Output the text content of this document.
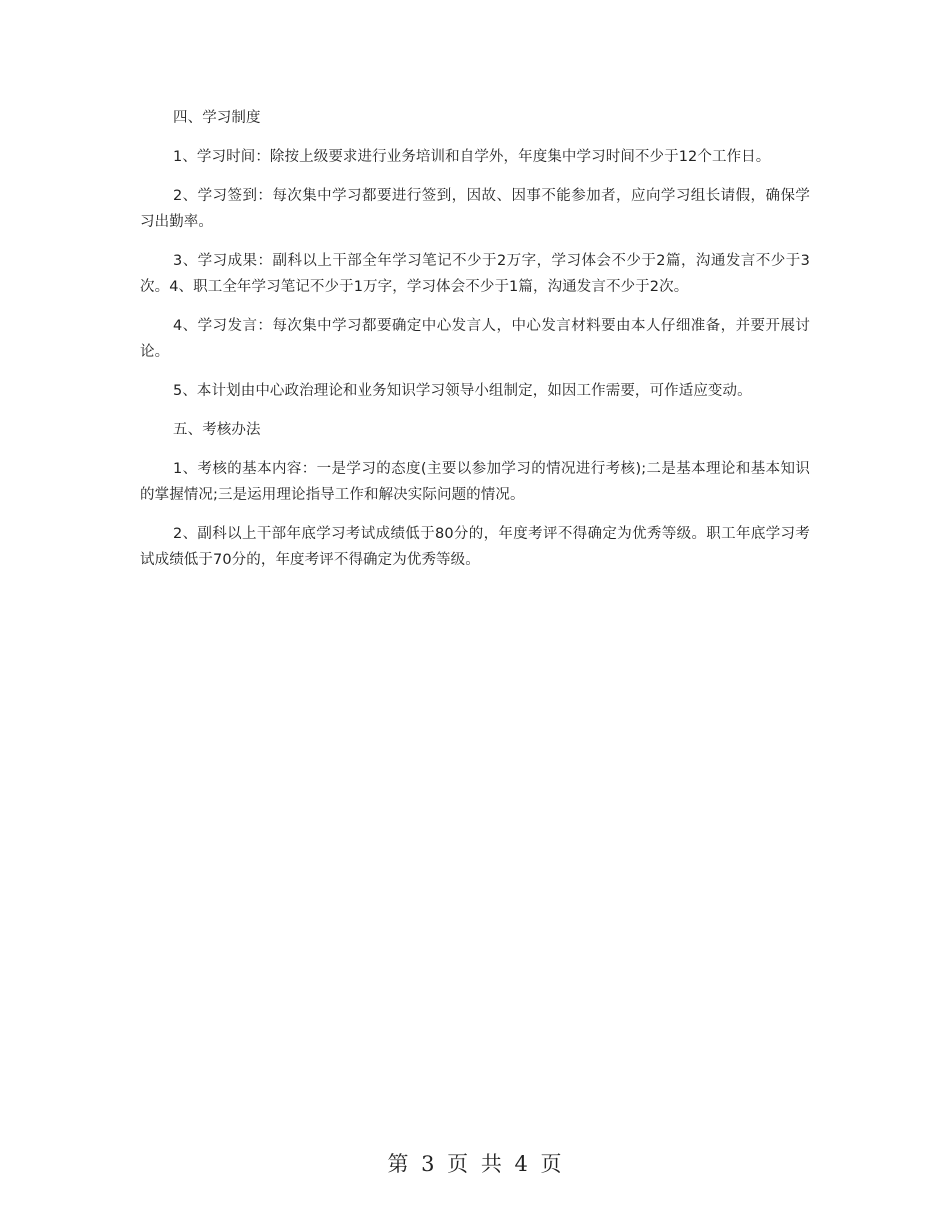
四、学习制度

1、学习时间：除按上级要求进行业务培训和自学外，年度集中学习时间不少于12个工作日。

2、学习签到：每次集中学习都要进行签到，因故、因事不能参加者，应向学习组长请假，确保学习出勤率。

3、学习成果：副科以上干部全年学习笔记不少于2万字，学习体会不少于2篇，沟通发言不少于3次。4、职工全年学习笔记不少于1万字，学习体会不少于1篇，沟通发言不少于2次。

4、学习发言：每次集中学习都要确定中心发言人，中心发言材料要由本人仔细准备，并要开展讨论。

5、本计划由中心政治理论和业务知识学习领导小组制定，如因工作需要，可作适应变动。

五、考核办法

1、考核的基本内容：一是学习的态度(主要以参加学习的情况进行考核);二是基本理论和基本知识的掌握情况;三是运用理论指导工作和解决实际问题的情况。

2、副科以上干部年底学习考试成绩低于80分的，年度考评不得确定为优秀等级。职工年底学习考试成绩低于70分的，年度考评不得确定为优秀等级。

第 3 页 共 4 页
